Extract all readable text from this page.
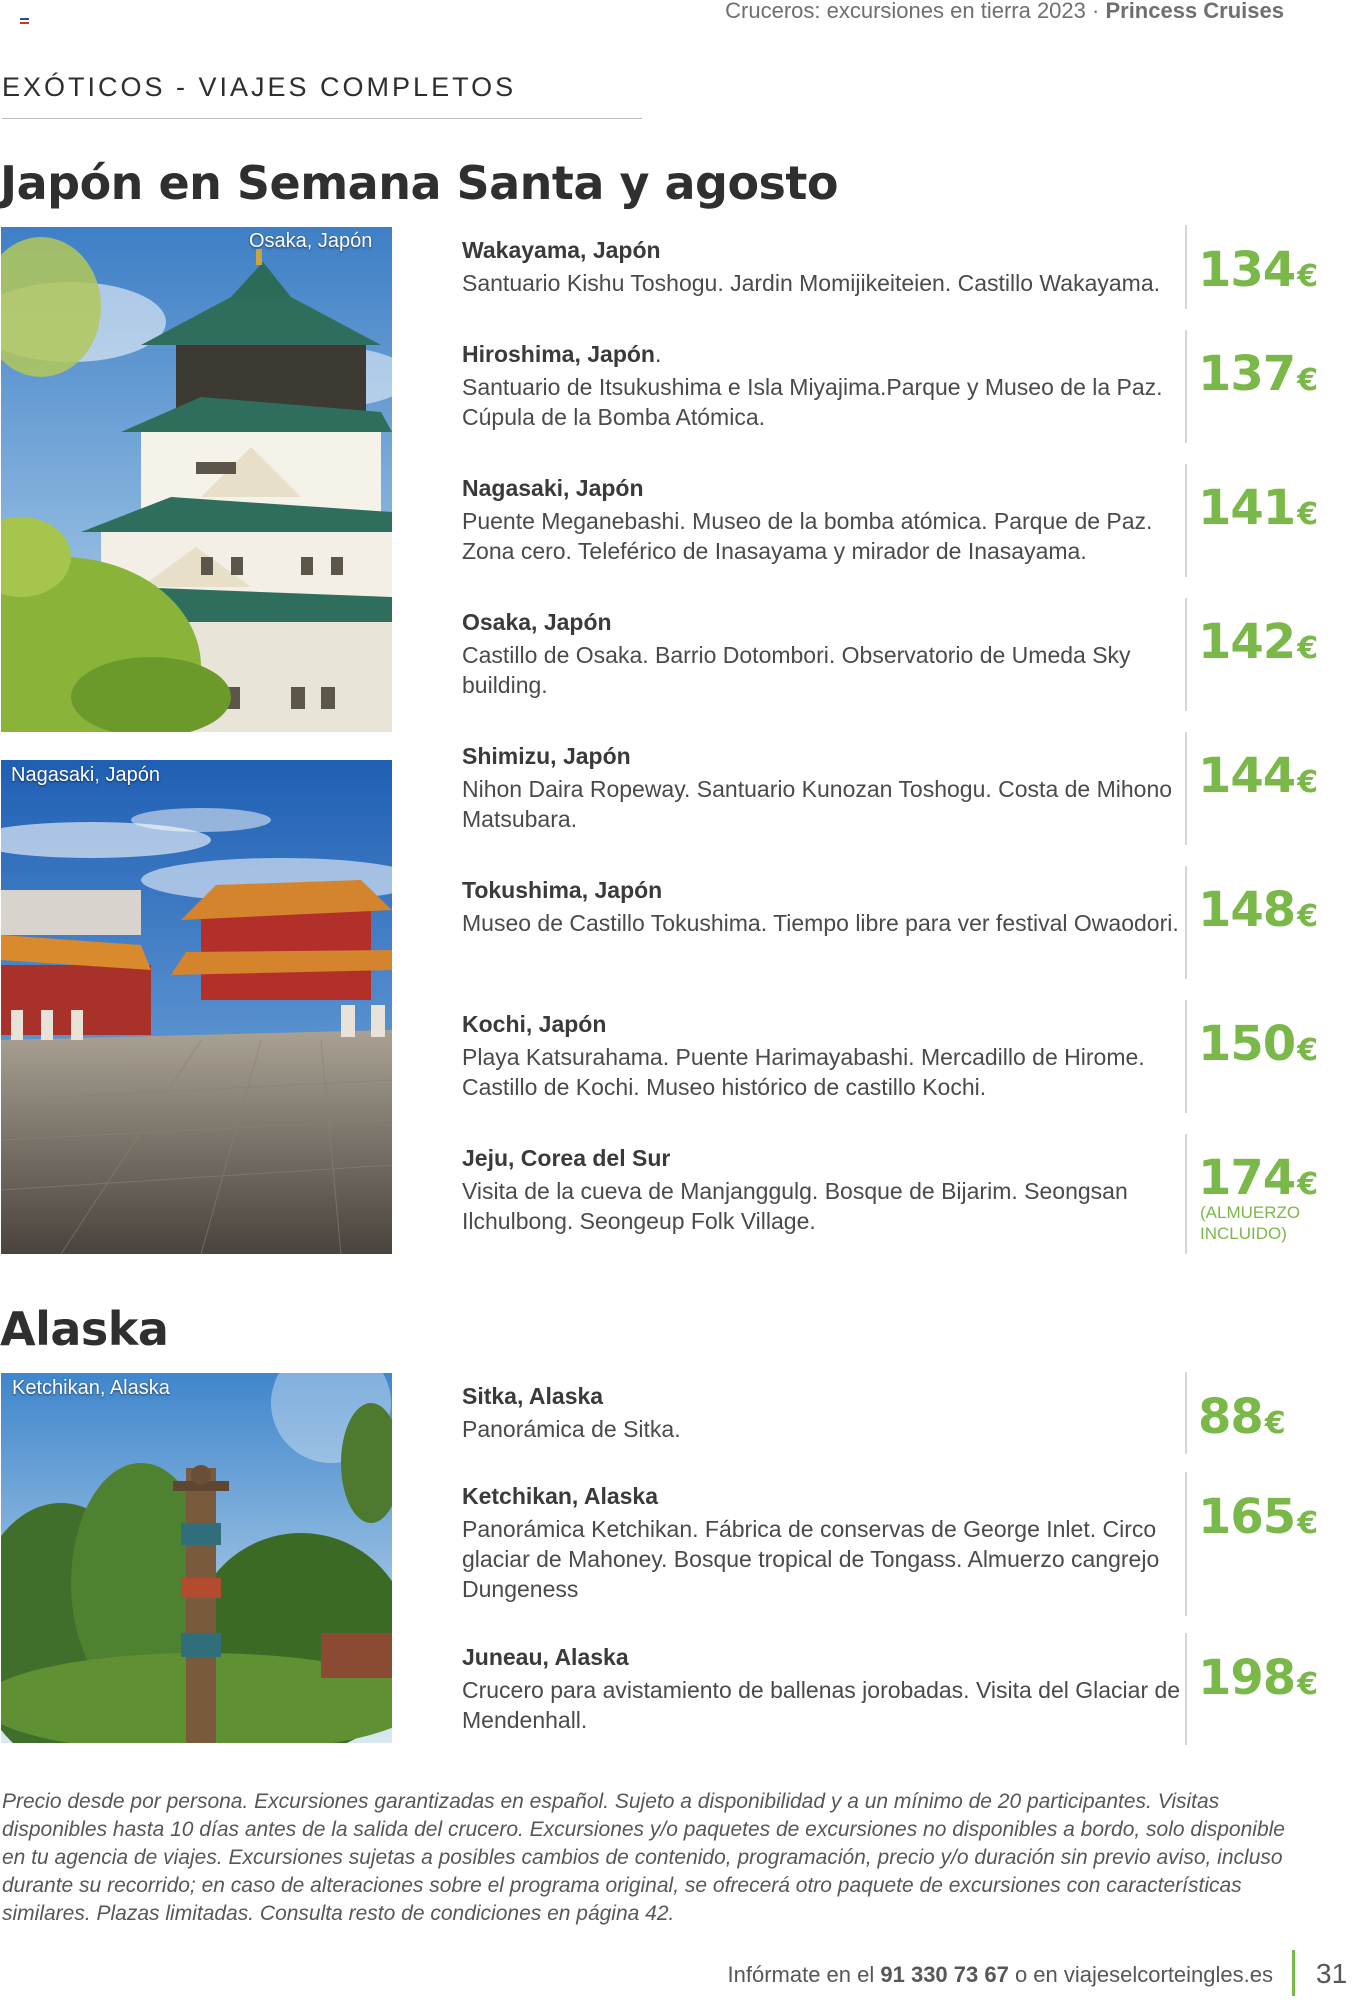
Cruceros: excursiones en tierra 2023 · Princess Cruises
EXÓTICOS - VIAJES COMPLETOS
Japón en Semana Santa y agosto
Osaka, Japón
Nagasaki, Japón
Wakayama, Japón
Santuario Kishu Toshogu. Jardin Momijikeiteien. Castillo Wakayama. 134€
Hiroshima, Japón.
Santuario de Itsukushima e Isla Miyajima.Parque y Museo de la Paz. Cúpula de la Bomba Atómica.
137€
Nagasaki, Japón
Puente Meganebashi. Museo de la bomba atómica. Parque de Paz. Zona cero. Teleférico de Inasayama y mirador de Inasayama.
141€
Osaka, Japón
Castillo de Osaka. Barrio Dotombori. Observatorio de Umeda Sky building.
142€
Shimizu, Japón
Nihon Daira Ropeway. Santuario Kunozan Toshogu. Costa de Mihono Matsubara.
144€
Tokushima, Japón
Museo de Castillo Tokushima. Tiempo libre para ver festival Owaodori. 148€
Kochi, Japón
Playa Katsurahama. Puente Harimayabashi. Mercadillo de Hirome. Castillo de Kochi. Museo histórico de castillo Kochi.
150€
Jeju, Corea del Sur
Visita de la cueva de Manjanggulg. Bosque de Bijarim. Seongsan Ilchulbong. Seongeup Folk Village.
174€
(ALMUERZO INCLUIDO)
Alaska
Ketchikan, Alaska	Sitka, Alaska
Panorámica de Sitka.	88€
Ketchikan, Alaska
Panorámica Ketchikan. Fábrica de conservas de George Inlet. Circo glaciar de Mahoney. Bosque tropical de Tongass. Almuerzo cangrejo Dungeness
165€
Juneau, Alaska
Crucero para avistamiento de ballenas jorobadas. Visita del Glaciar de Mendenhall.
198€
Precio desde por persona. Excursiones garantizadas en español. Sujeto a disponibilidad y a un mínimo de 20 participantes. Visitas disponibles hasta 10 días antes de la salida del crucero. Excursiones y/o paquetes de excursiones no disponibles a bordo, solo disponible en tu agencia de viajes. Excursiones sujetas a posibles cambios de contenido, programación, precio y/o duración sin previo aviso, incluso durante su recorrido; en caso de alteraciones sobre el programa original, se ofrecerá otro paquete de excursiones con características similares. Plazas limitadas. Consulta resto de condiciones en página 42.
Infórmate en el 91 330 73 67 o en viajeselcorteingles.es 31
